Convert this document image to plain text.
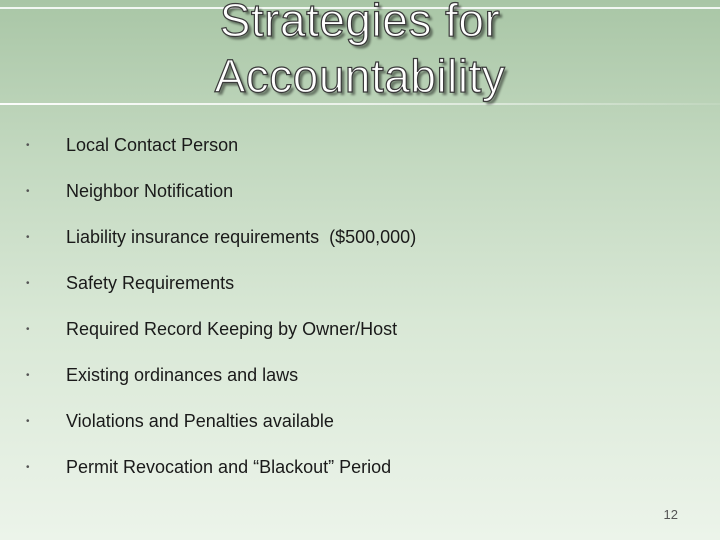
Strategies for
Accountability
•	Local Contact Person
•	Neighbor Notification
•	Liability insurance requirements  ($500,000)
•	Safety Requirements
•	Required Record Keeping by Owner/Host
•	Existing ordinances and laws
•	Violations and Penalties available
•	Permit Revocation and “Blackout” Period
12
